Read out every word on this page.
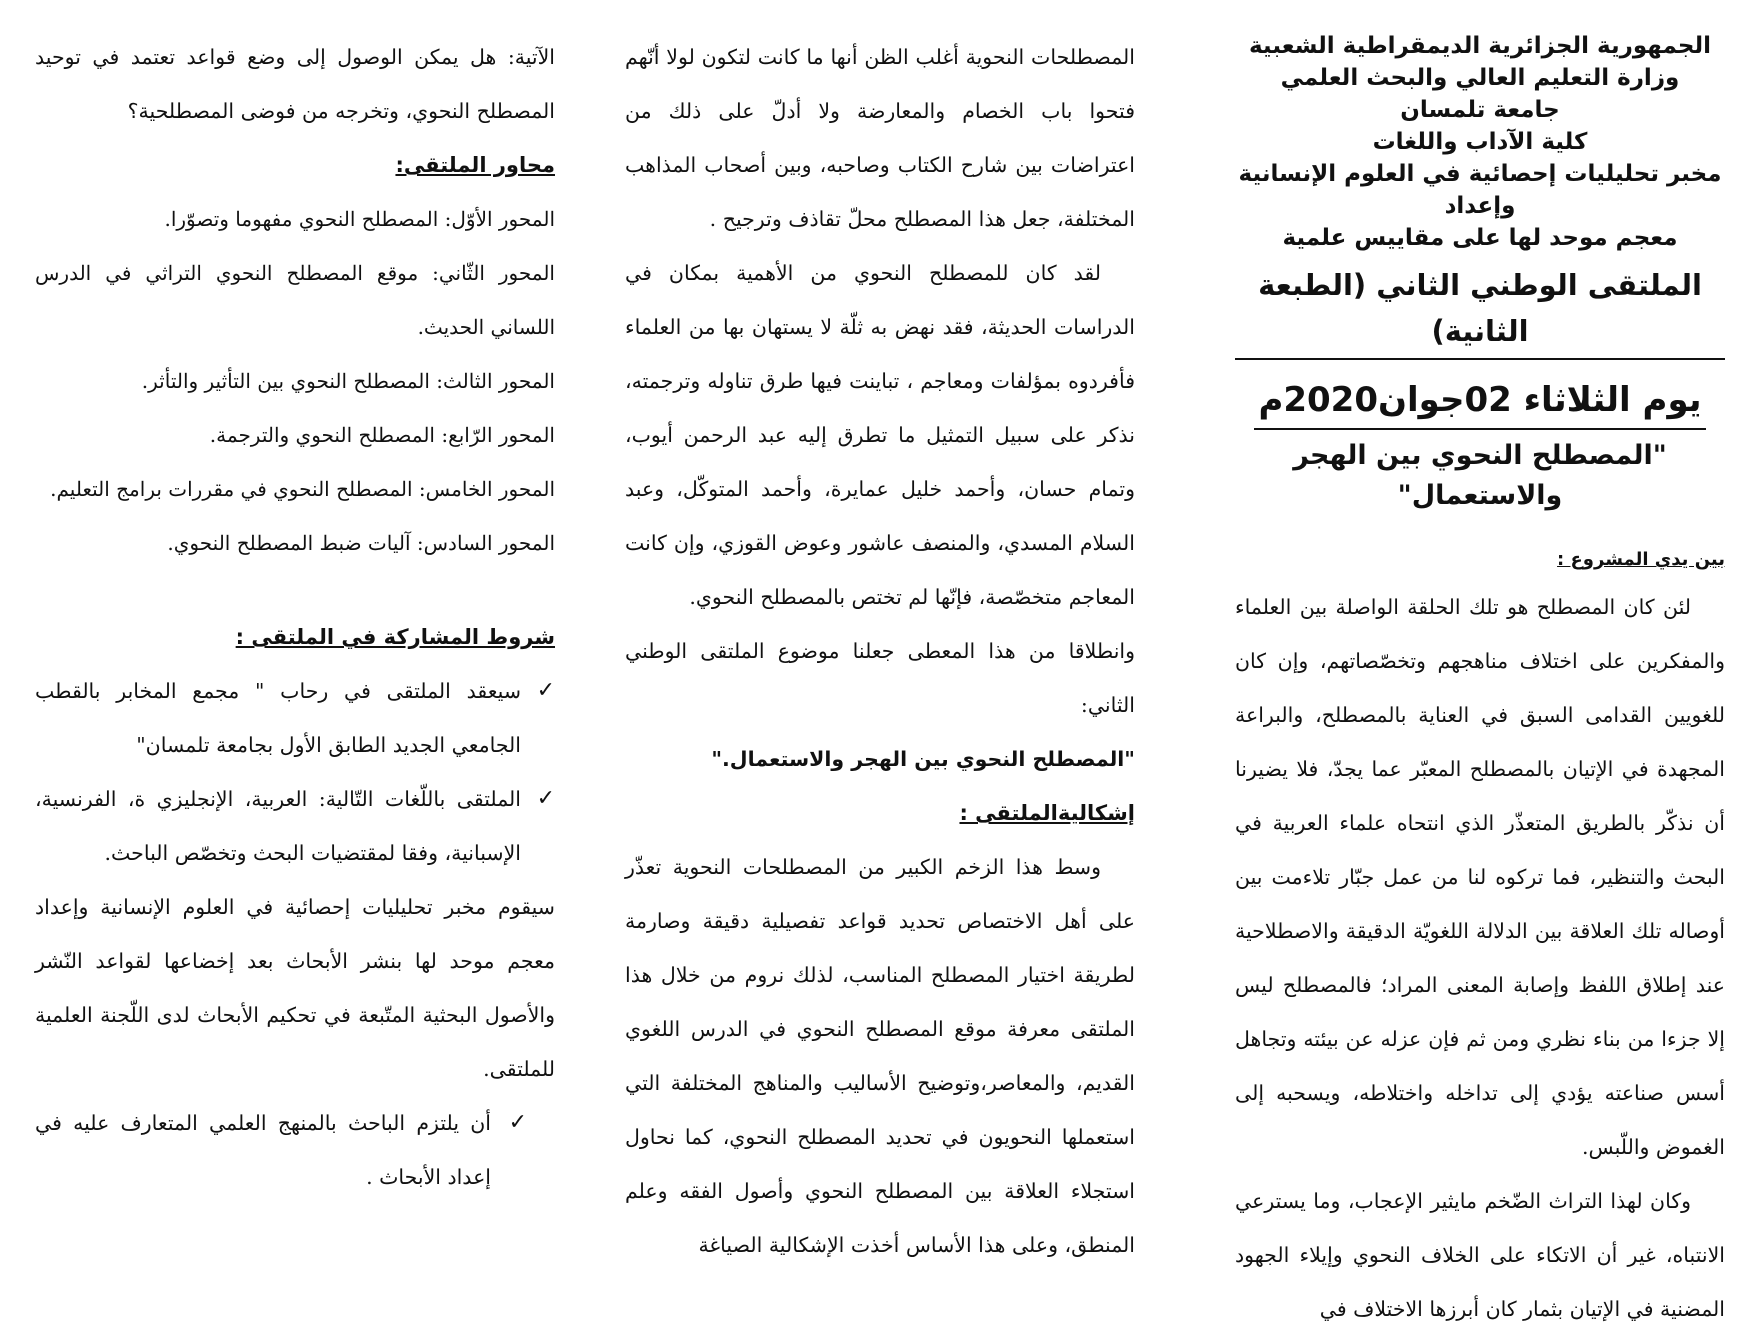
الجمهورية الجزائرية الديمقراطية الشعبية

وزارة التعليم العالي والبحث العلمي

جامعة تلمسان

كلية الآداب واللغات

مخبر تحليليات إحصائية في العلوم الإنسانية وإعداد

معجم موحد لها على مقاييس علمية

الملتقى الوطني الثاني (الطبعة الثانية)
يوم الثلاثاء 02جوان2020م

"المصطلح النحوي بين الهجر والاستعمال"

بين يدي المشروع :

لئن كان المصطلح هو تلك الحلقة الواصلة بين العلماء والمفكرين على اختلاف مناهجهم وتخصّصاتهم، وإن كان للغويين القدامى السبق في العناية بالمصطلح، والبراعة المجهدة في الإتيان بالمصطلح المعبّر عما يجدّ، فلا يضيرنا أن نذكّر بالطريق المتعذّر الذي انتحاه علماء العربية في البحث والتنظير، فما تركوه لنا من عمل جبّار تلاءمت بين أوصاله تلك العلاقة بين الدلالة اللغويّة الدقيقة والاصطلاحية عند إطلاق اللفظ وإصابة المعنى المراد؛ فالمصطلح ليس إلا جزءا من بناء نظري ومن ثم فإن عزله عن بيئته وتجاهل أسس صناعته يؤدي إلى تداخله واختلاطه، ويسحبه إلى الغموض واللّبس.

وكان لهذا التراث الضّخم مايثير الإعجاب، وما يسترعي الانتباه، غير أن الاتكاء على الخلاف النحوي وإيلاء الجهود المضنية في الإتيان بثمار كان أبرزها الاختلاف في

المصطلحات النحوية أغلب الظن أنها ما كانت لتكون لولا أنّهم فتحوا باب الخصام والمعارضة ولا أدلّ على ذلك من اعتراضات بين شارح الكتاب وصاحبه، وبين أصحاب المذاهب المختلفة، جعل هذا المصطلح محلّ تقاذف وترجيح .

لقد كان للمصطلح النحوي من الأهمية بمكان في الدراسات الحديثة، فقد نهض به ثلّة لا يستهان بها من العلماء فأفردوه بمؤلفات ومعاجم ، تباينت فيها طرق تناوله وترجمته، نذكر على سبيل التمثيل ما تطرق إليه عبد الرحمن أيوب، وتمام حسان، وأحمد خليل عمايرة، وأحمد المتوكّل، وعبد السلام المسدي، والمنصف عاشور وعوض القوزي، وإن كانت المعاجم متخصّصة، فإنّها لم تختص بالمصطلح النحوي.

وانطلاقا من هذا المعطى جعلنا موضوع الملتقى الوطني الثاني:

"المصطلح النحوي بين الهجر والاستعمال."

إشكاليةالملتقى :

وسط هذا الزخم الكبير من المصطلحات النحوية تعذّر على أهل الاختصاص تحديد قواعد تفصيلية دقيقة وصارمة لطريقة اختيار المصطلح المناسب، لذلك نروم من خلال هذا الملتقى معرفة موقع المصطلح النحوي في الدرس اللغوي القديم، والمعاصر،وتوضيح الأساليب والمناهج المختلفة التي استعملها النحويون في تحديد المصطلح النحوي، كما نحاول استجلاء العلاقة بين المصطلح النحوي وأصول الفقه وعلم المنطق، وعلى هذا الأساس أخذت الإشكالية الصياغة

الآتية: هل يمكن الوصول إلى وضع قواعد تعتمد في توحيد المصطلح النحوي، وتخرجه من فوضى المصطلحية؟

محاور الملتقى:

المحور الأوّل: المصطلح النحوي مفهوما وتصوّرا.

المحور الثّاني: موقع المصطلح النحوي التراثي في الدرس اللساني الحديث.

المحور الثالث: المصطلح النحوي بين التأثير والتأثر.

المحور الرّابع: المصطلح النحوي والترجمة.

المحور الخامس: المصطلح النحوي في مقررات برامج التعليم.

المحور السادس: آليات ضبط المصطلح النحوي.

شروط المشاركة في الملتقى :

✓
سيعقد الملتقى في رحاب " مجمع المخابر بالقطب الجامعي الجديد الطابق الأول بجامعة تلمسان"

✓
الملتقى باللّغات التّالية: العربية، الإنجليزي ة، الفرنسية، الإسبانية، وفقا لمقتضيات البحث وتخصّص الباحث.

سيقوم مخبر تحليليات إحصائية في العلوم الإنسانية وإعداد معجم موحد لها بنشر الأبحاث بعد إخضاعها لقواعد النّشر والأصول البحثية المتّبعة في تحكيم الأبحاث لدى اللّجنة العلمية للملتقى.

✓
أن يلتزم الباحث بالمنهج العلمي المتعارف عليه في إعداد الأبحاث .
